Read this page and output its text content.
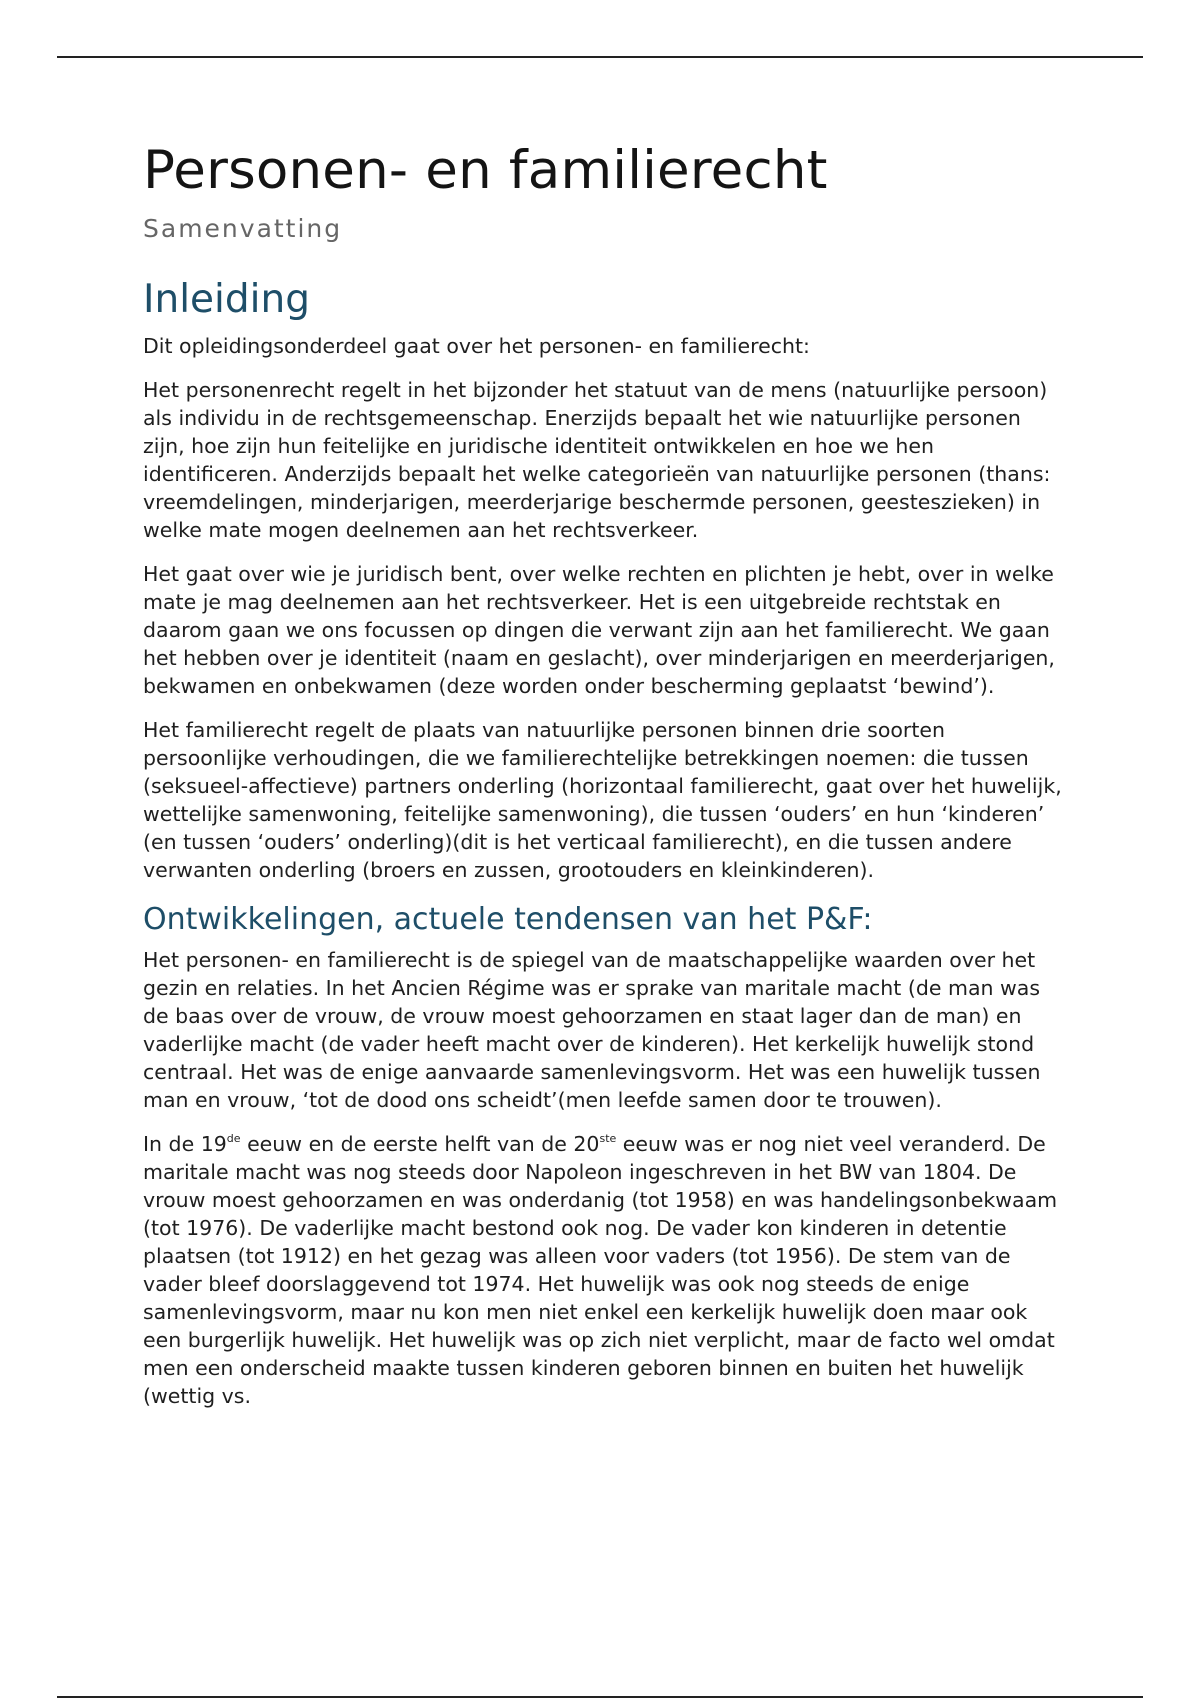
Personen- en familierecht
Samenvatting
Inleiding

Dit opleidingsonderdeel gaat over het personen- en familierecht:

Het personenrecht regelt in het bijzonder het statuut van de mens (natuurlijke persoon) als individu in de rechtsgemeenschap. Enerzijds bepaalt het wie natuurlijke personen zijn, hoe zijn hun feitelijke en juridische identiteit ontwikkelen en hoe we hen identificeren. Anderzijds bepaalt het welke categorieën van natuurlijke personen (thans: vreemdelingen, minderjarigen, meerderjarige beschermde personen, geesteszieken) in welke mate mogen deelnemen aan het rechtsverkeer.

Het gaat over wie je juridisch bent, over welke rechten en plichten je hebt, over in welke mate je mag deelnemen aan het rechtsverkeer. Het is een uitgebreide rechtstak en daarom gaan we ons focussen op dingen die verwant zijn aan het familierecht. We gaan het hebben over je identiteit (naam en geslacht), over minderjarigen en meerderjarigen, bekwamen en onbekwamen (deze worden onder bescherming geplaatst ‘bewind’).

Het familierecht regelt de plaats van natuurlijke personen binnen drie soorten persoonlijke verhoudingen, die we familierechtelijke betrekkingen noemen: die tussen (seksueel-affectieve) partners onderling (horizontaal familierecht, gaat over het huwelijk, wettelijke samenwoning, feitelijke samenwoning), die tussen ‘ouders’ en hun ‘kinderen’ (en tussen ‘ouders’ onderling)(dit is het verticaal familierecht), en die tussen andere verwanten onderling (broers en zussen, grootouders en kleinkinderen).

Ontwikkelingen, actuele tendensen van het P&F:

Het personen- en familierecht is de spiegel van de maatschappelijke waarden over het gezin en relaties. In het Ancien Régime was er sprake van maritale macht (de man was de baas over de vrouw, de vrouw moest gehoorzamen en staat lager dan de man) en vaderlijke macht (de vader heeft macht over de kinderen). Het kerkelijk huwelijk stond centraal. Het was de enige aanvaarde samenlevingsvorm. Het was een huwelijk tussen man en vrouw, ‘tot de dood ons scheidt’(men leefde samen door te trouwen).

In de 19de eeuw en de eerste helft van de 20ste eeuw was er nog niet veel veranderd. De maritale macht was nog steeds door Napoleon ingeschreven in het BW van 1804. De vrouw moest gehoorzamen en was onderdanig (tot 1958) en was handelingsonbekwaam (tot 1976). De vaderlijke macht bestond ook nog. De vader kon kinderen in detentie plaatsen (tot 1912) en het gezag was alleen voor vaders (tot 1956). De stem van de vader bleef doorslaggevend tot 1974. Het huwelijk was ook nog steeds de enige samenlevingsvorm, maar nu kon men niet enkel een kerkelijk huwelijk doen maar ook een burgerlijk huwelijk. Het huwelijk was op zich niet verplicht, maar de facto wel omdat men een onderscheid maakte tussen kinderen geboren binnen en buiten het huwelijk (wettig vs.
